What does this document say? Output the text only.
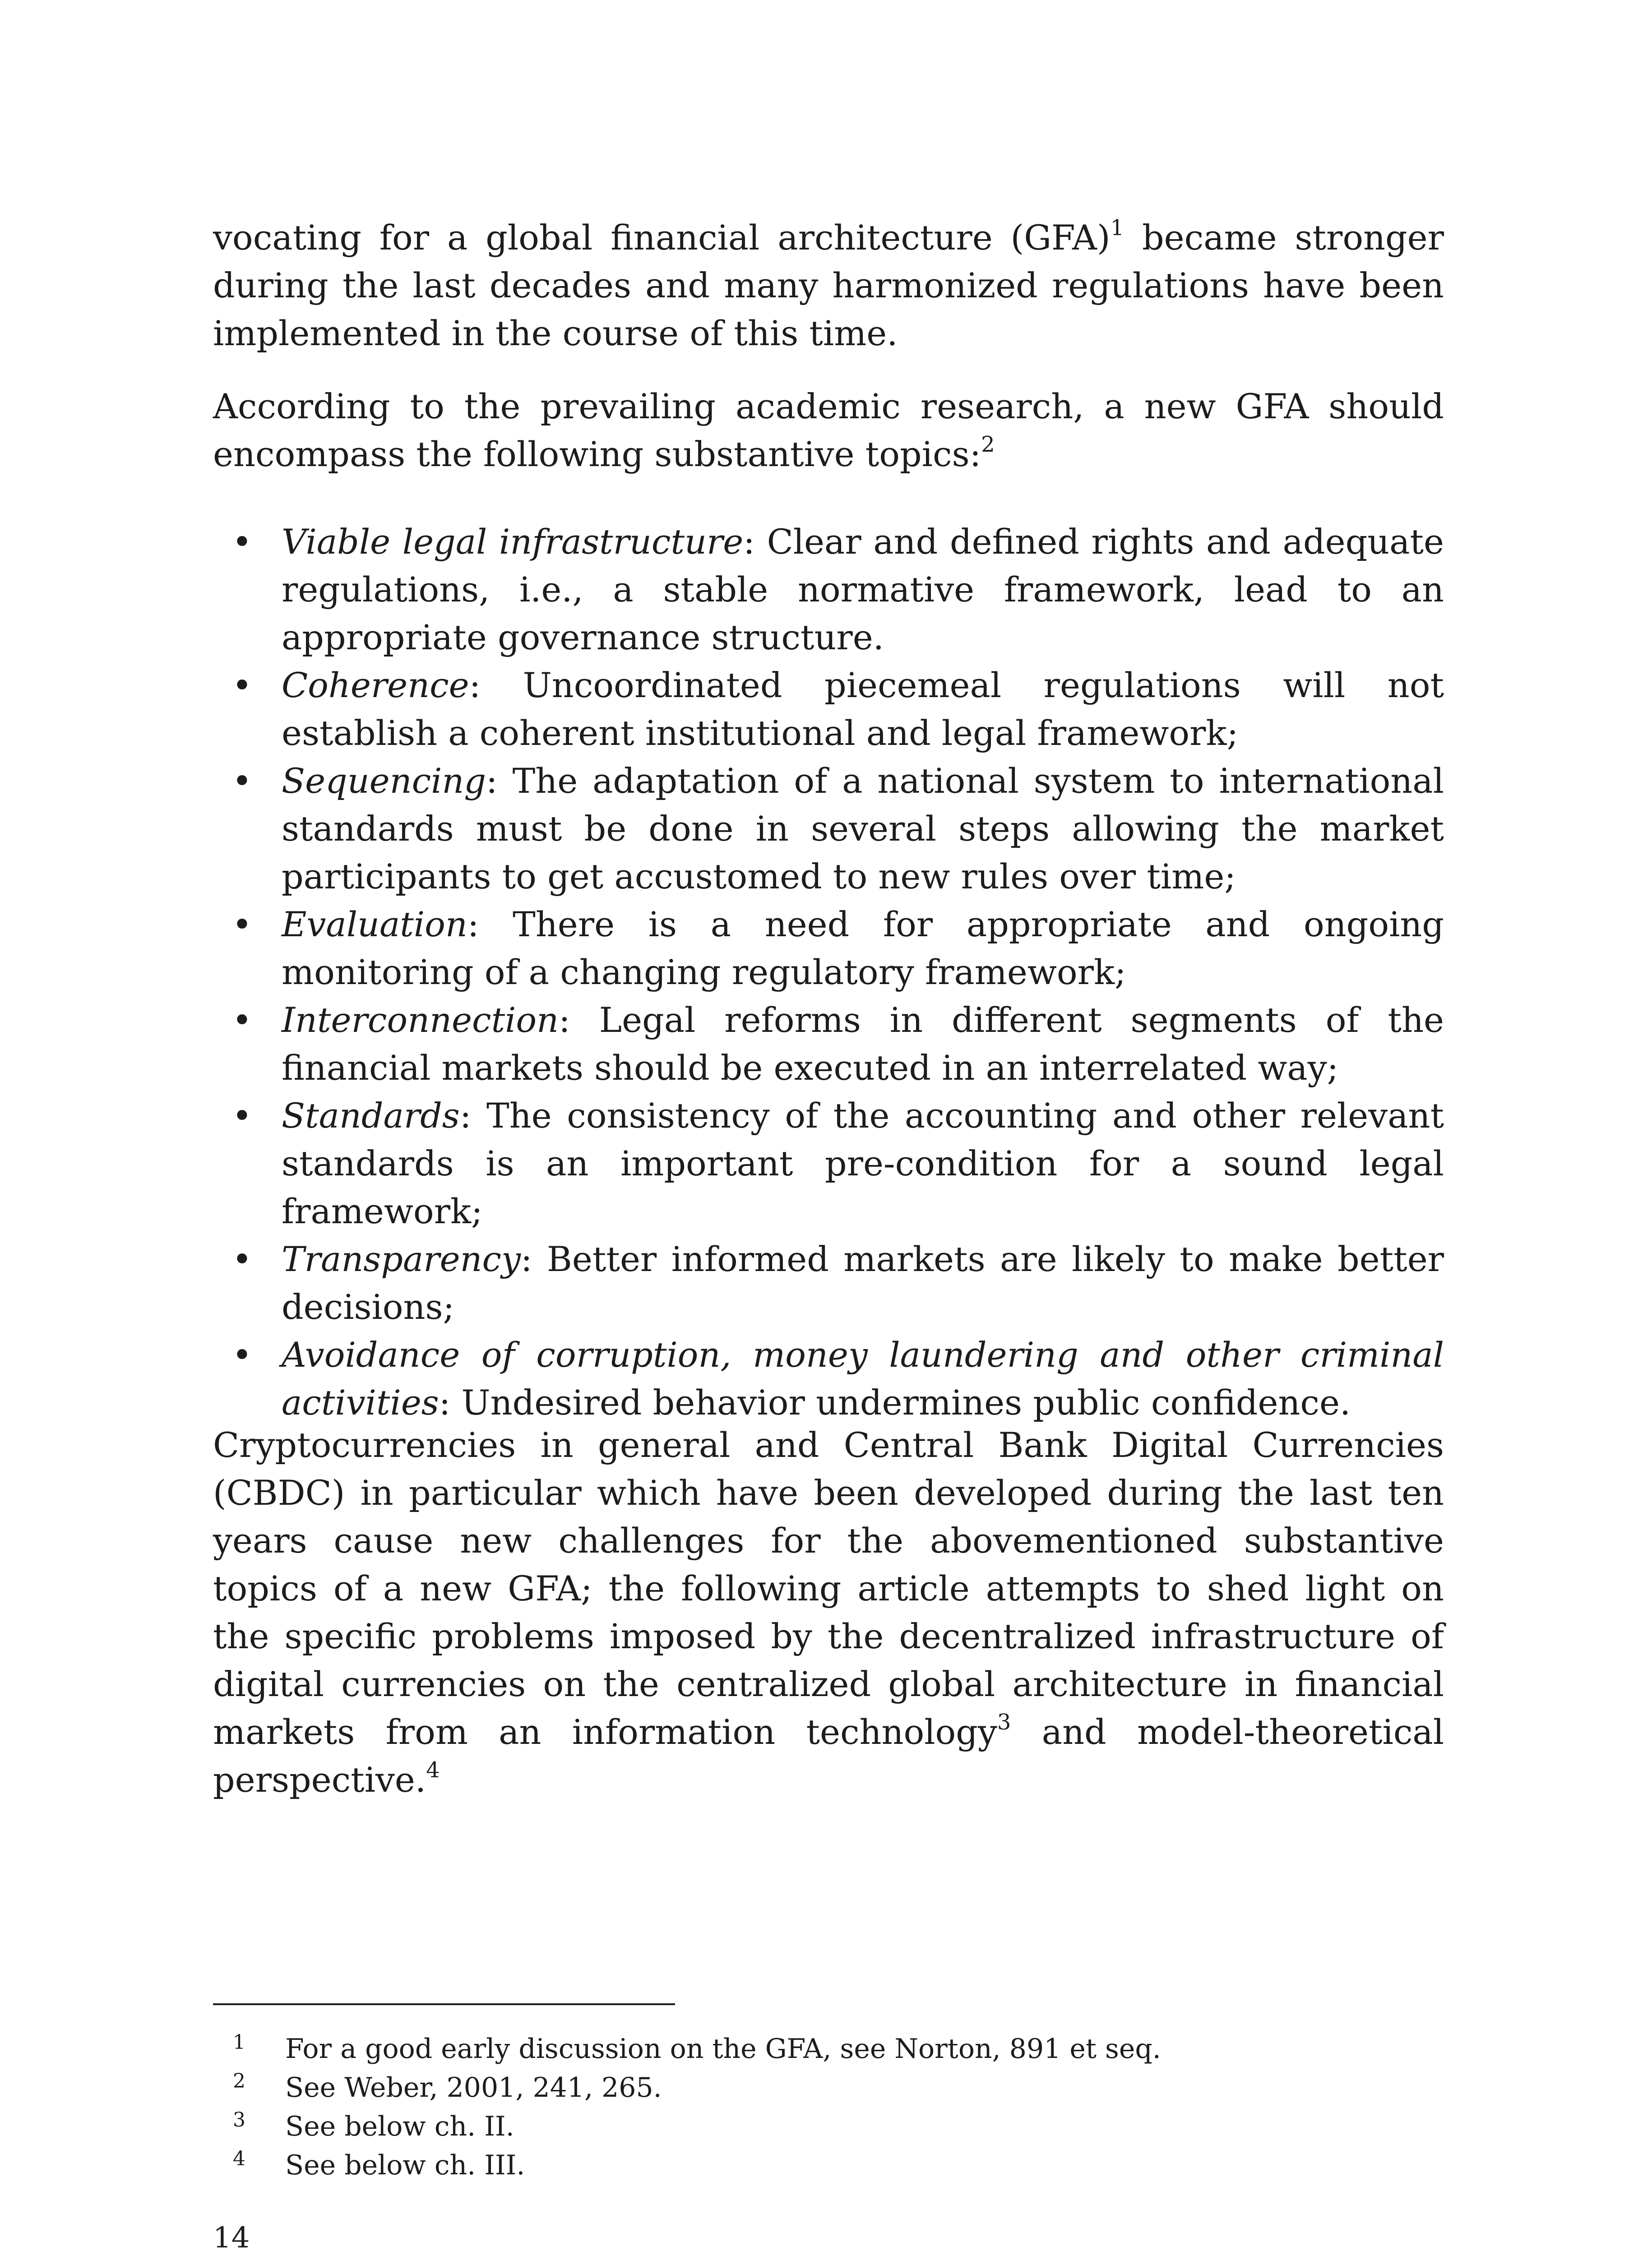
vocating for a global financial architecture (GFA)$^1$ became stronger during the last decades and many harmonized regulations have been implemented in the course of this time.

According to the prevailing academic research, a new GFA should encompass the following substantive topics:$^2$

• Viable legal infrastructure: Clear and defined rights and adequate regulations, i.e., a stable normative framework, lead to an appropriate governance structure.
• Coherence: Uncoordinated piecemeal regulations will not establish a coherent institutional and legal framework;
• Sequencing: The adaptation of a national system to international standards must be done in several steps allowing the market participants to get accustomed to new rules over time;
• Evaluation: There is a need for appropriate and ongoing monitoring of a changing regulatory framework;
• Interconnection: Legal reforms in different segments of the financial markets should be executed in an interrelated way;
• Standards: The consistency of the accounting and other relevant standards is an important pre-condition for a sound legal framework;
• Transparency: Better informed markets are likely to make better decisions;
• Avoidance of corruption, money laundering and other criminal activities: Undesired behavior undermines public confidence.

Cryptocurrencies in general and Central Bank Digital Currencies (CBDC) in particular which have been developed during the last ten years cause new challenges for the abovementioned substantive topics of a new GFA; the following article attempts to shed light on the specific problems imposed by the decentralized infrastructure of digital currencies on the centralized global architecture in financial markets from an information technology$^3$ and model-theoretical perspective.$^4$

1 For a good early discussion on the GFA, see Norton, 891 et seq.
2 See Weber, 2001, 241, 265.
3 See below ch. II.
4 See below ch. III.
14
